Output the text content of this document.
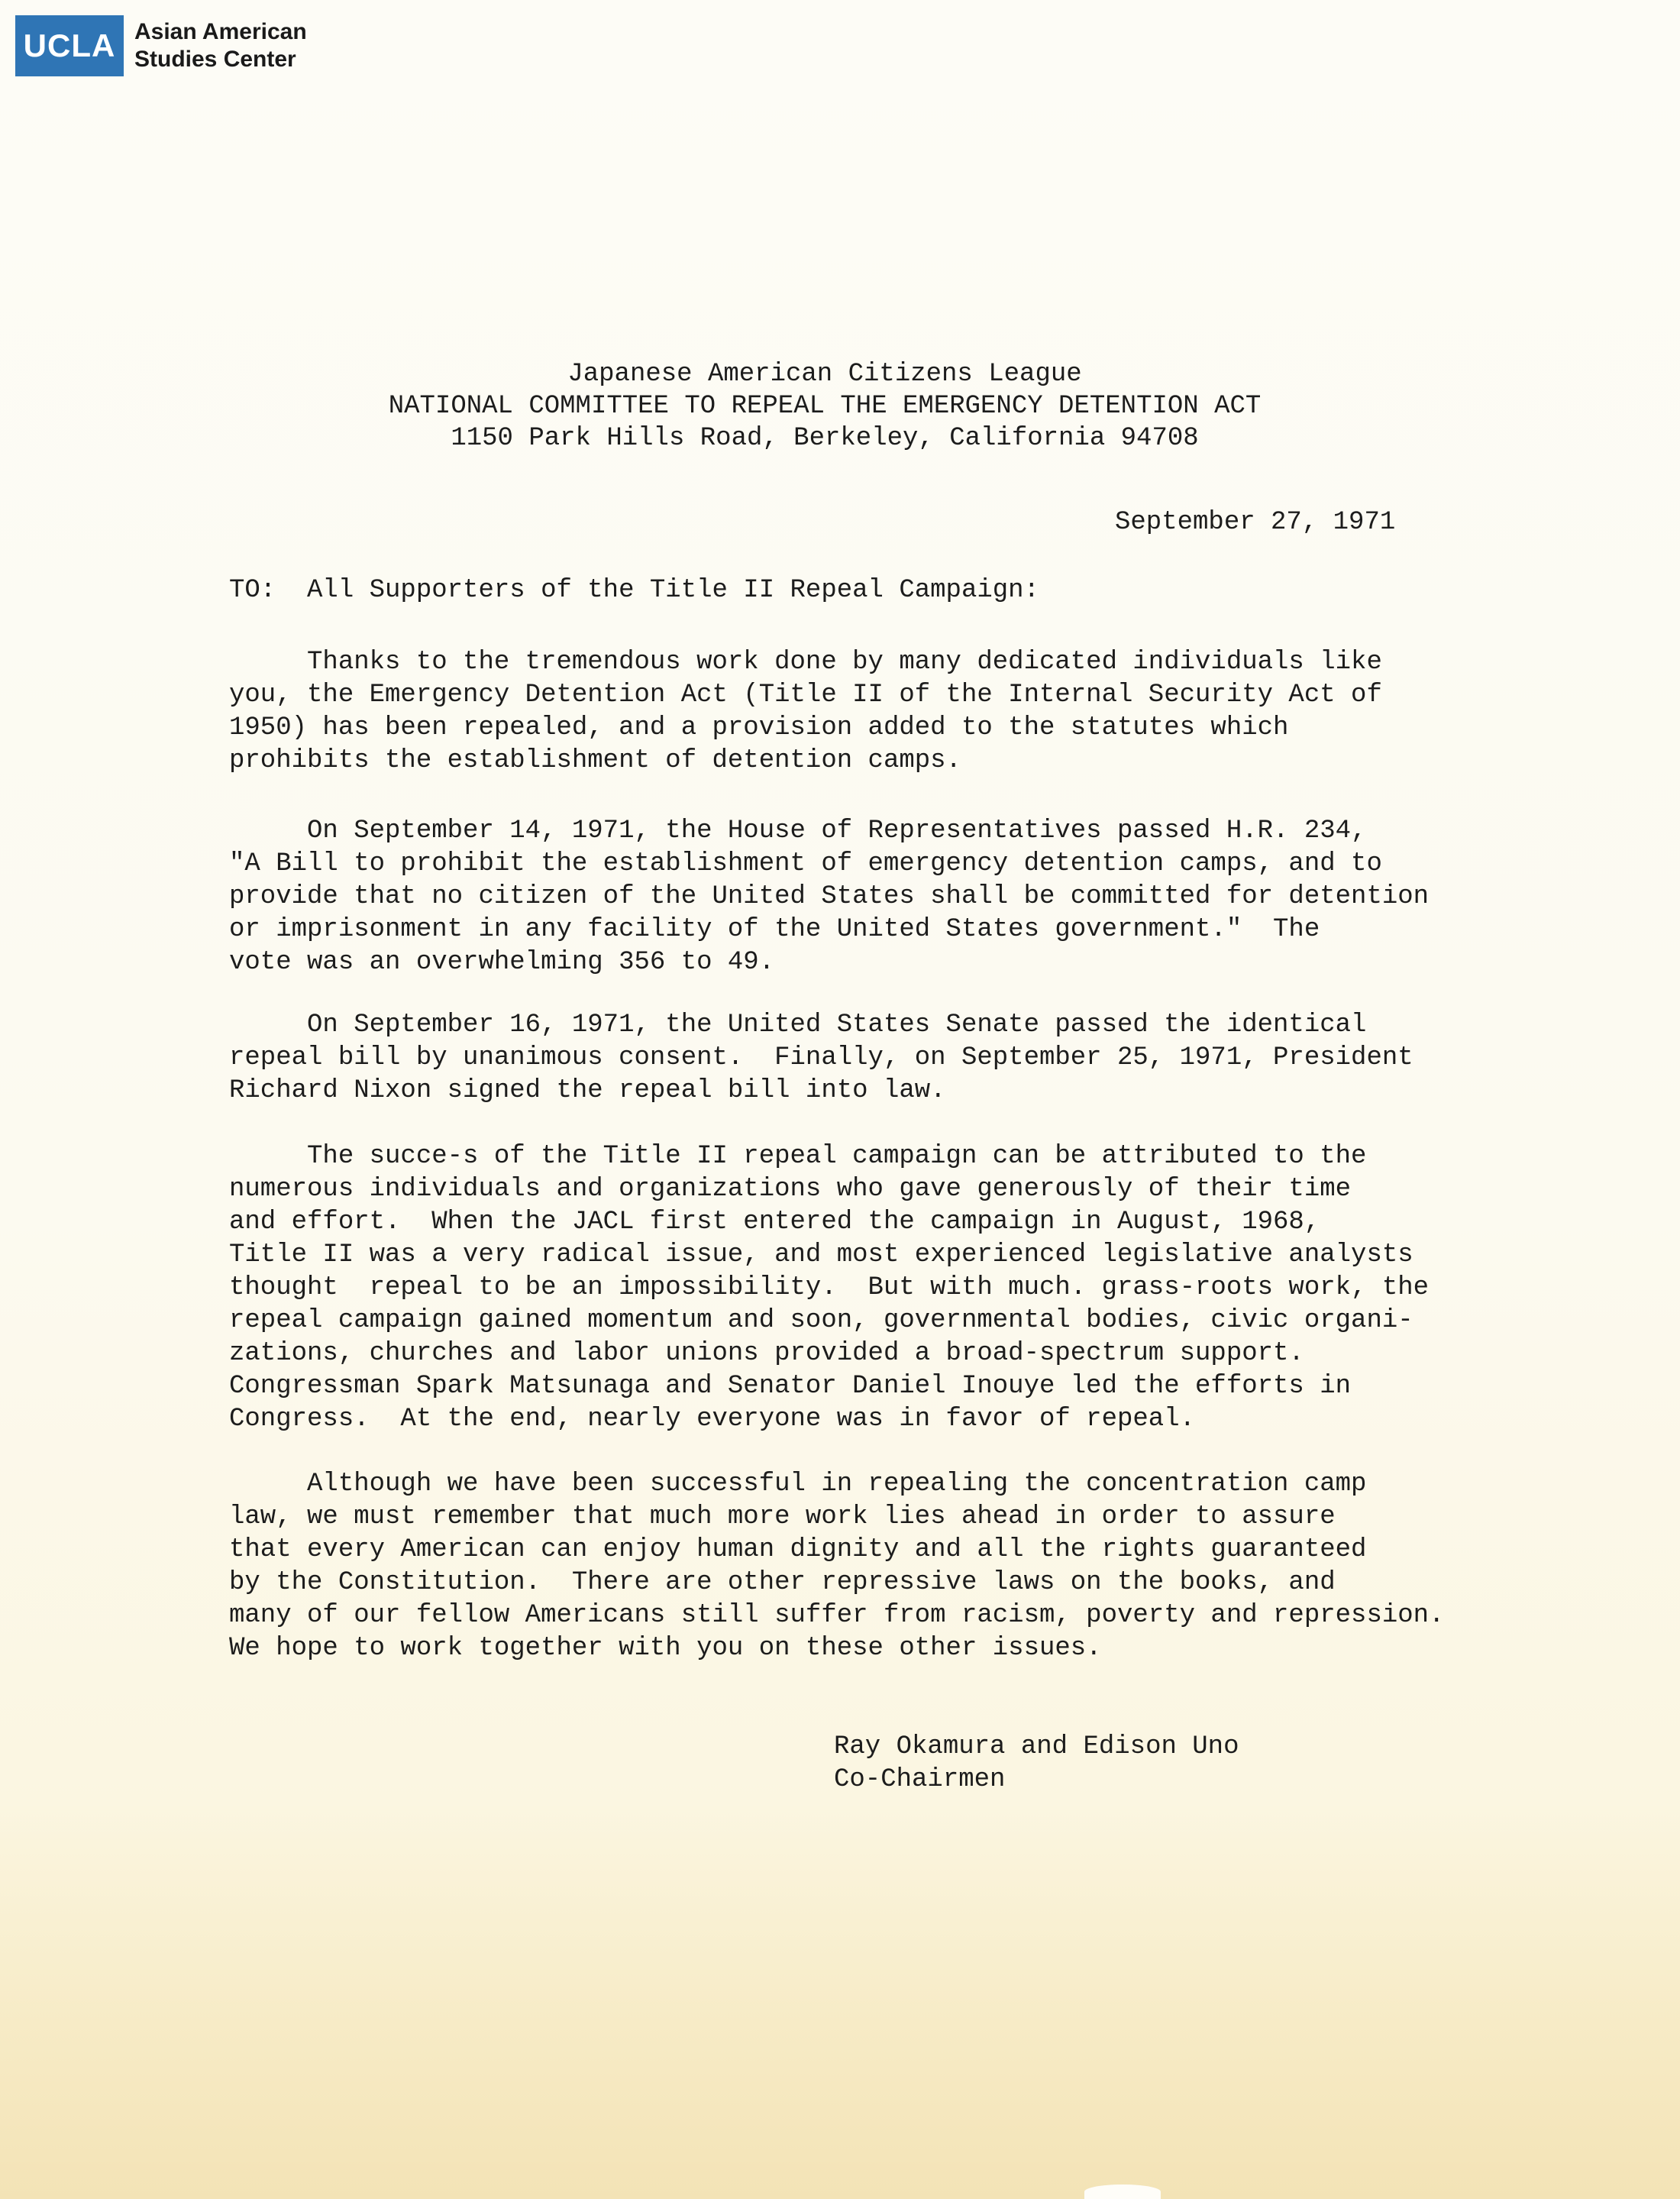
UCLA Asian American
Studies Center
Japanese American Citizens League
NATIONAL COMMITTEE TO REPEAL THE EMERGENCY DETENTION ACT
1150 Park Hills Road, Berkeley, California 94708
September 27, 1971
TO:  All Supporters of the Title II Repeal Campaign:
Thanks to the tremendous work done by many dedicated individuals like
you, the Emergency Detention Act (Title II of the Internal Security Act of
1950) has been repealed, and a provision added to the statutes which
prohibits the establishment of detention camps.
On September 14, 1971, the House of Representatives passed H.R. 234,
"A Bill to prohibit the establishment of emergency detention camps, and to
provide that no citizen of the United States shall be committed for detention
or imprisonment in any facility of the United States government."  The
vote was an overwhelming 356 to 49.
On September 16, 1971, the United States Senate passed the identical
repeal bill by unanimous consent.  Finally, on September 25, 1971, President
Richard Nixon signed the repeal bill into law.
The succe-s of the Title II repeal campaign can be attributed to the
numerous individuals and organizations who gave generously of their time
and effort.  When the JACL first entered the campaign in August, 1968,
Title II was a very radical issue, and most experienced legislative analysts
thought  repeal to be an impossibility.  But with much. grass-roots work, the
repeal campaign gained momentum and soon, governmental bodies, civic organi-
zations, churches and labor unions provided a broad-spectrum support.
Congressman Spark Matsunaga and Senator Daniel Inouye led the efforts in
Congress.  At the end, nearly everyone was in favor of repeal.
Although we have been successful in repealing the concentration camp
law, we must remember that much more work lies ahead in order to assure
that every American can enjoy human dignity and all the rights guaranteed
by the Constitution.  There are other repressive laws on the books, and
many of our fellow Americans still suffer from racism, poverty and repression.
We hope to work together with you on these other issues.
Ray Okamura and Edison Uno
Co-Chairmen
